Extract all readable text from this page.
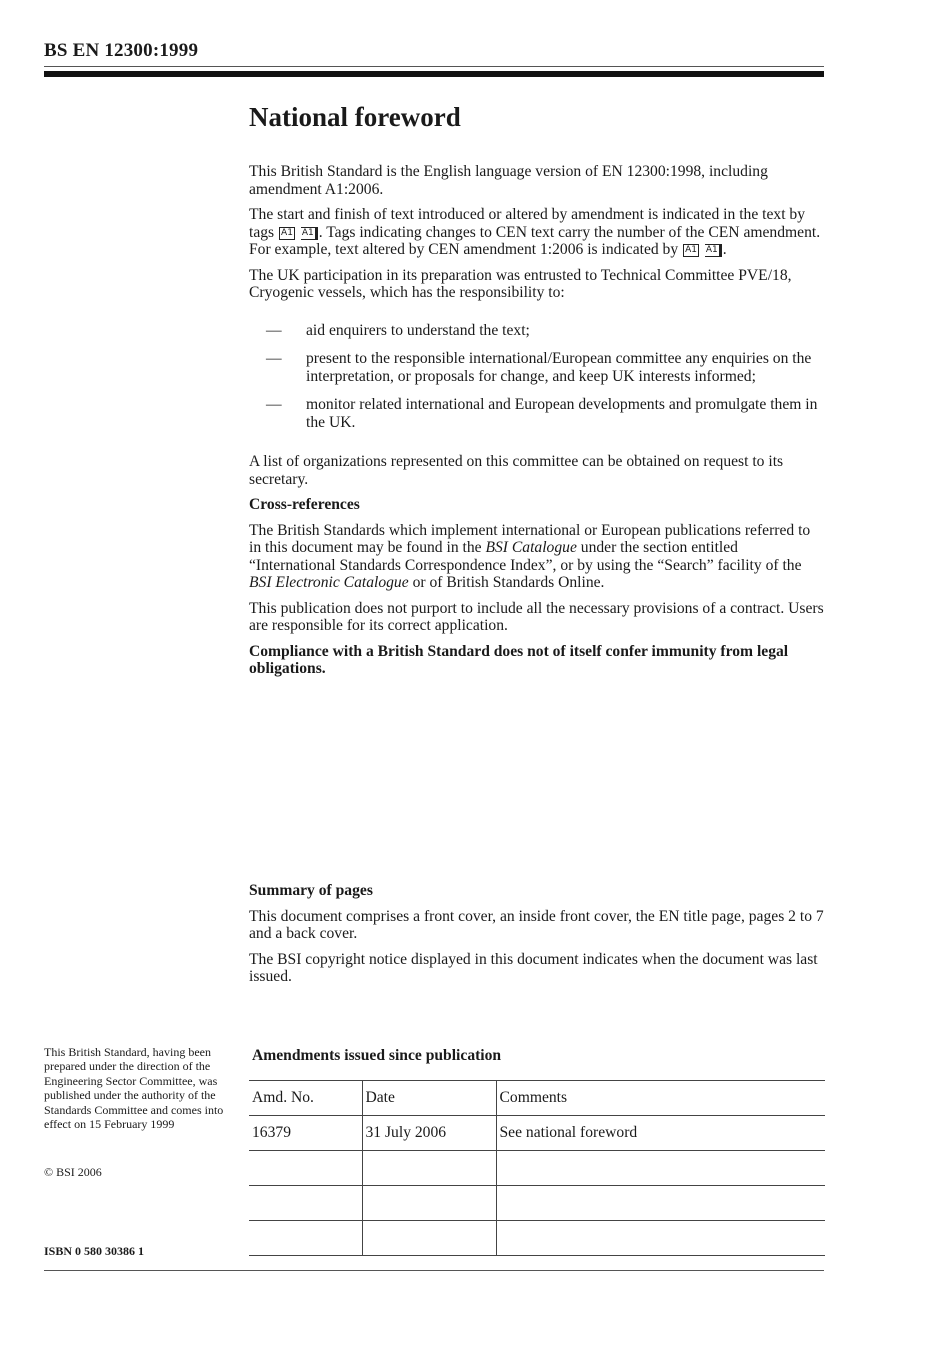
BS EN 12300:1999
National foreword

This British Standard is the English language version of EN 12300:1998, including amendment A1:2006.

The start and finish of text introduced or altered by amendment is indicated in the text by tags A1 A1 . Tags indicating changes to CEN text carry the number of the CEN amendment. For example, text altered by CEN amendment 1:2006 is indicated by A1 A1 .

The UK participation in its preparation was entrusted to Technical Committee PVE/18, Cryogenic vessels, which has the responsibility to:

— aid enquirers to understand the text;
— present to the responsible international/European committee any enquiries on the interpretation, or proposals for change, and keep UK interests informed;
— monitor related international and European developments and promulgate them in the UK.

A list of organizations represented on this committee can be obtained on request to its secretary.

Cross-references

The British Standards which implement international or European publications referred to in this document may be found in the BSI Catalogue under the section entitled “International Standards Correspondence Index”, or by using the “Search” facility of the BSI Electronic Catalogue or of British Standards Online.

This publication does not purport to include all the necessary provisions of a contract. Users are responsible for its correct application.

Compliance with a British Standard does not of itself confer immunity from legal obligations.

Summary of pages

This document comprises a front cover, an inside front cover, the EN title page, pages 2 to 7 and a back cover.

The BSI copyright notice displayed in this document indicates when the document was last issued.

This British Standard, having been prepared under the direction of the Engineering Sector Committee, was published under the authority of the Standards Committee and comes into effect on 15 February 1999

© BSI 2006
ISBN 0 580 30386 1
Amendments issued since publication
Amd. No.	Date	Comments
16379	31 July 2006	See national foreword
